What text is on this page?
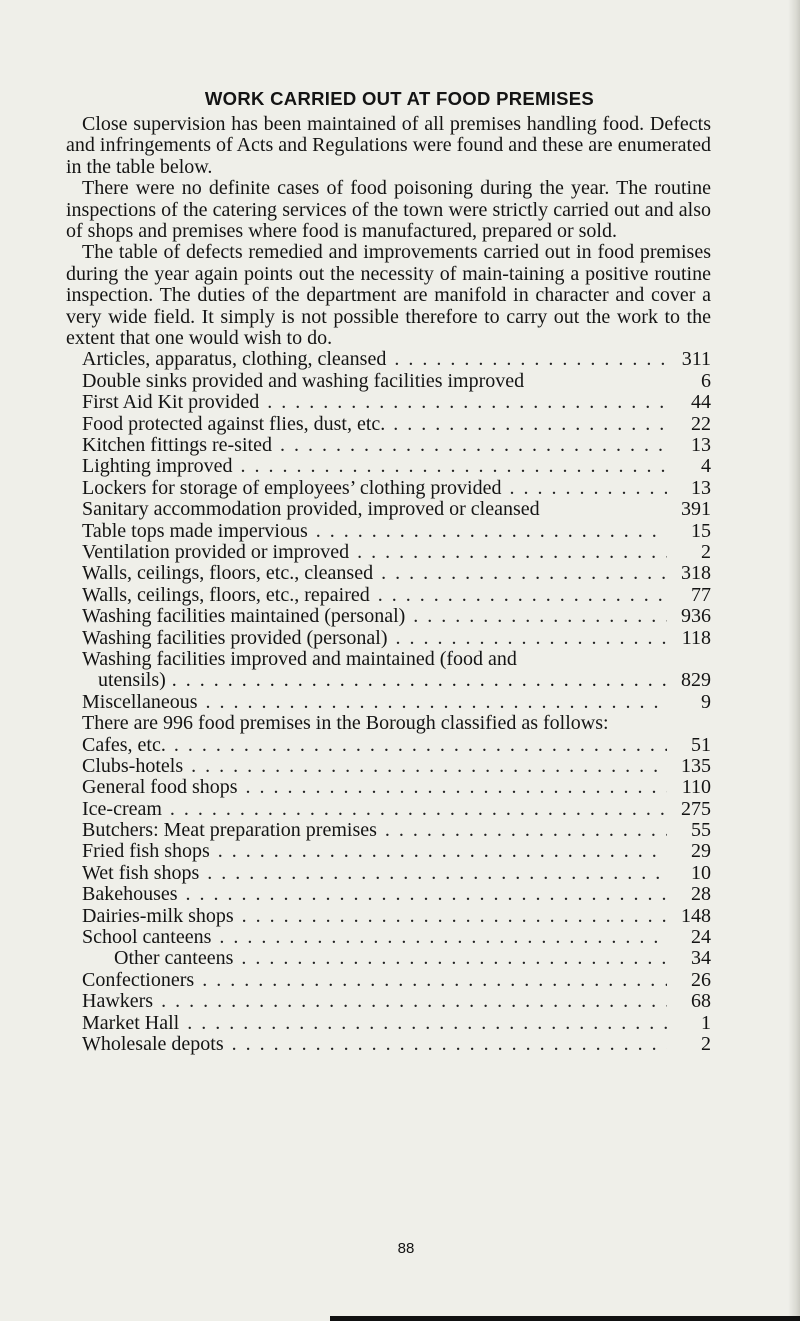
WORK CARRIED OUT AT FOOD PREMISES

Close supervision has been maintained of all premises handling food. Defects and infringements of Acts and Regulations were found and these are enumerated in the table below.

There were no definite cases of food poisoning during the year. The routine inspections of the catering services of the town were strictly carried out and also of shops and premises where food is manufactured, prepared or sold.

The table of defects remedied and improvements carried out in food premises during the year again points out the necessity of main-taining a positive routine inspection. The duties of the department are manifold in character and cover a very wide field. It simply is not possible therefore to carry out the work to the extent that one would wish to do.

Articles, apparatus, clothing, cleansed . . .	311
Double sinks provided and washing facilities improved	6
First Aid Kit provided . . .	44
Food protected against flies, dust, etc. . . .	22
Kitchen fittings re-sited . . .	13
Lighting improved . . .	4
Lockers for storage of employees’ clothing provided . . .	13
Sanitary accommodation provided, improved or cleansed	391
Table tops made impervious . . .	15
Ventilation provided or improved . . .	2
Walls, ceilings, floors, etc., cleansed . . .	318
Walls, ceilings, floors, etc., repaired . . .	77
Washing facilities maintained (personal) . . .	936
Washing facilities provided (personal) . . .	118
Washing facilities improved and maintained (food and
utensils) . . .	829
Miscellaneous . . .	9

There are 996 food premises in the Borough classified as follows:

Cafes, etc. . . .	51
Clubs-hotels . . .	135
General food shops . . .	110
Ice-cream . . .	275
Butchers: Meat preparation premises . . .	55
Fried fish shops . . .	29
Wet fish shops . . .	10
Bakehouses . . .	28
Dairies-milk shops . . .	148
School canteens . . .	24
Other canteens . . .	34
Confectioners . . .	26
Hawkers . . .	68
Market Hall . . .	1
Wholesale depots . . .	2
88
